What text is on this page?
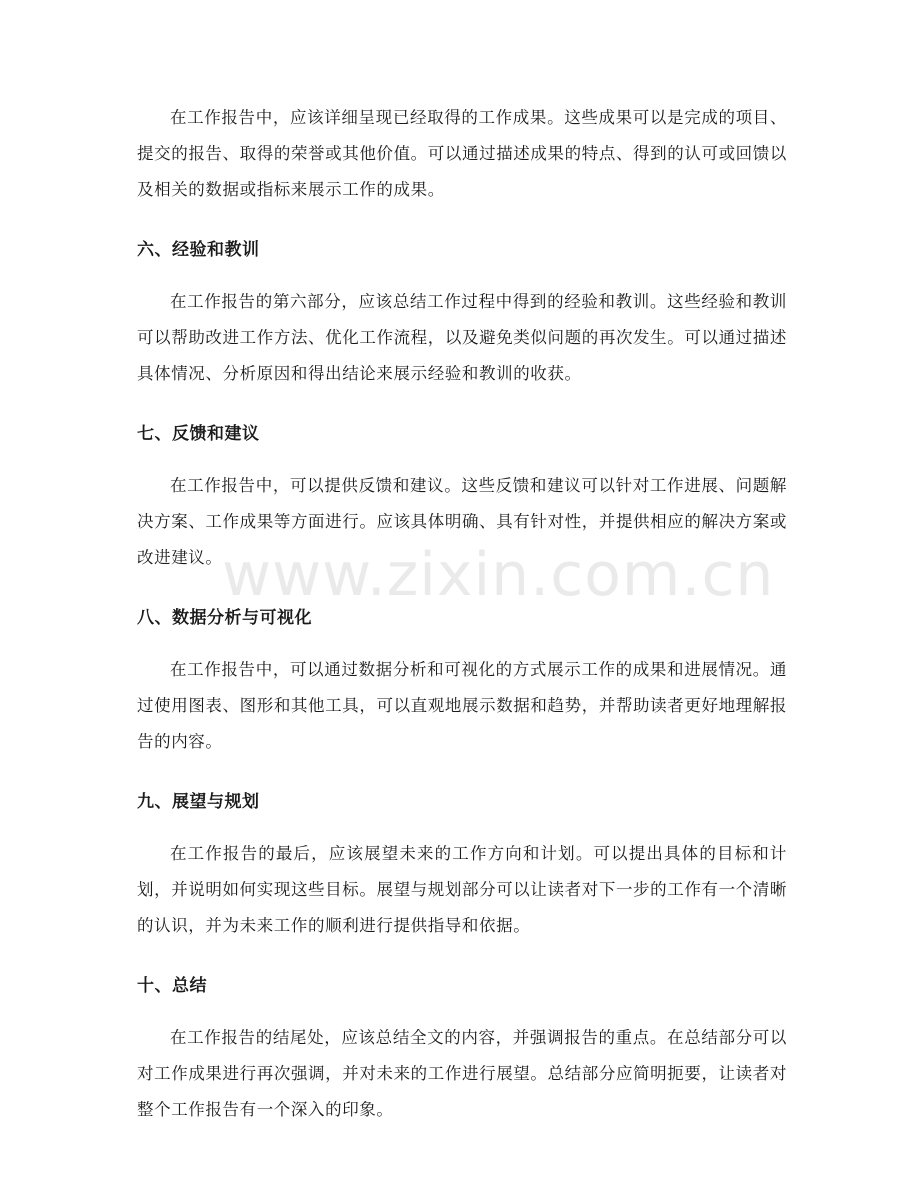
在工作报告中，应该详细呈现已经取得的工作成果。这些成果可以是完成的项目、提交的报告、取得的荣誉或其他价值。可以通过描述成果的特点、得到的认可或回馈以及相关的数据或指标来展示工作的成果。

六、经验和教训

在工作报告的第六部分，应该总结工作过程中得到的经验和教训。这些经验和教训可以帮助改进工作方法、优化工作流程，以及避免类似问题的再次发生。可以通过描述具体情况、分析原因和得出结论来展示经验和教训的收获。

七、反馈和建议

在工作报告中，可以提供反馈和建议。这些反馈和建议可以针对工作进展、问题解决方案、工作成果等方面进行。应该具体明确、具有针对性，并提供相应的解决方案或改进建议。

八、数据分析与可视化

在工作报告中，可以通过数据分析和可视化的方式展示工作的成果和进展情况。通过使用图表、图形和其他工具，可以直观地展示数据和趋势，并帮助读者更好地理解报告的内容。

九、展望与规划

在工作报告的最后，应该展望未来的工作方向和计划。可以提出具体的目标和计划，并说明如何实现这些目标。展望与规划部分可以让读者对下一步的工作有一个清晰的认识，并为未来工作的顺利进行提供指导和依据。

十、总结

在工作报告的结尾处，应该总结全文的内容，并强调报告的重点。在总结部分可以对工作成果进行再次强调，并对未来的工作进行展望。总结部分应简明扼要，让读者对整个工作报告有一个深入的印象。

www.zixin.com.cn
